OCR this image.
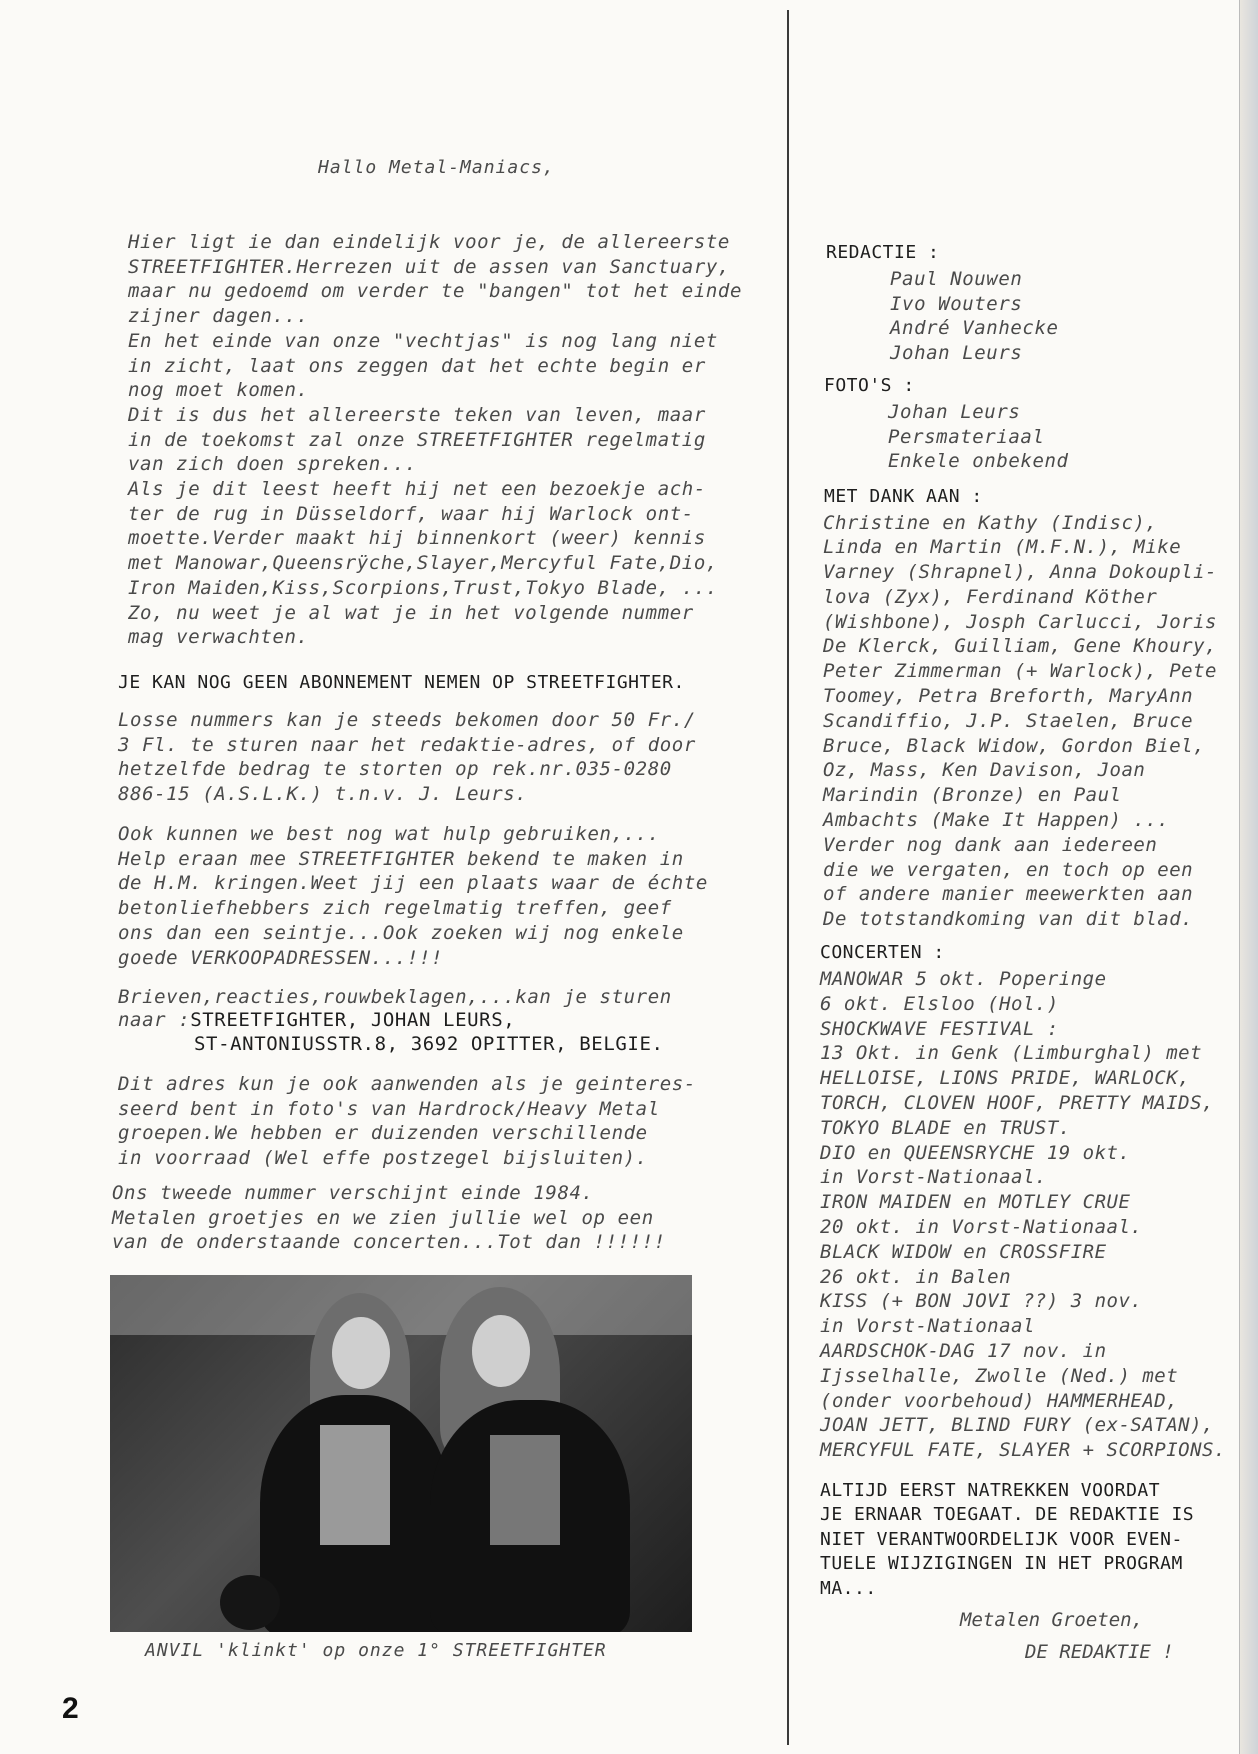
Hallo Metal-Maniacs,

Hier ligt ie dan eindelijk voor je, de allereerste
STREETFIGHTER.Herrezen uit de assen van Sanctuary,
maar nu gedoemd om verder te "bangen" tot het einde
zijner dagen...
En het einde van onze "vechtjas" is nog lang niet
in zicht, laat ons zeggen dat het echte begin er
nog moet komen.
Dit is dus het allereerste teken van leven, maar
in de toekomst zal onze STREETFIGHTER regelmatig
van zich doen spreken...
Als je dit leest heeft hij net een bezoekje ach-
ter de rug in Düsseldorf, waar hij Warlock ont-
moette.Verder maakt hij binnenkort (weer) kennis
met Manowar,Queensrÿche,Slayer,Mercyful Fate,Dio,
Iron Maiden,Kiss,Scorpions,Trust,Tokyo Blade, ...
Zo, nu weet je al wat je in het volgende nummer
mag verwachten.

JE KAN NOG GEEN ABONNEMENT NEMEN OP STREETFIGHTER.

Losse nummers kan je steeds bekomen door 50 Fr./
3 Fl. te sturen naar het redaktie-adres, of door
hetzelfde bedrag te storten op rek.nr.035-0280
886-15 (A.S.L.K.) t.n.v. J. Leurs.

Ook kunnen we best nog wat hulp gebruiken,...
Help eraan mee STREETFIGHTER bekend te maken in
de H.M. kringen.Weet jij een plaats waar de échte
betonliefhebbers zich regelmatig treffen, geef
ons dan een seintje...Ook zoeken wij nog enkele
goede VERKOOPADRESSEN...!!!

Brieven,reacties,rouwbeklagen,...kan je sturen
naar :STREETFIGHTER, JOHAN LEURS,
ST-ANTONIUSSTR.8, 3692 OPITTER, BELGIE.

Dit adres kun je ook aanwenden als je geinteres-
seerd bent in foto's van Hardrock/Heavy Metal
groepen.We hebben er duizenden verschillende
in voorraad (Wel effe postzegel bijsluiten).

Ons tweede nummer verschijnt einde 1984.
Metalen groetjes en we zien jullie wel op een
van de onderstaande concerten...Tot dan !!!!!!

ANVIL 'klinkt' op onze 1° STREETFIGHTER
2
REDACTIE :

Paul Nouwen
Ivo Wouters
André Vanhecke
Johan Leurs

FOTO'S :

Johan Leurs
Persmateriaal
Enkele onbekend

MET DANK AAN :

Christine en Kathy (Indisc),
Linda en Martin (M.F.N.), Mike
Varney (Shrapnel), Anna Dokoupli-
lova (Zyx), Ferdinand Köther
(Wishbone), Josph Carlucci, Joris
De Klerck, Guilliam, Gene Khoury,
Peter Zimmerman (+ Warlock), Pete
Toomey, Petra Breforth, MaryAnn
Scandiffio, J.P. Staelen, Bruce
Bruce, Black Widow, Gordon Biel,
Oz, Mass, Ken Davison, Joan
Marindin (Bronze) en Paul
Ambachts (Make It Happen) ...
Verder nog dank aan iedereen
die we vergaten, en toch op een
of andere manier meewerkten aan
De totstandkoming van dit blad.

CONCERTEN :

MANOWAR 5 okt. Poperinge
6 okt. Elsloo (Hol.)
SHOCKWAVE FESTIVAL :
13 Okt. in Genk (Limburghal) met
HELLOISE, LIONS PRIDE, WARLOCK,
TORCH, CLOVEN HOOF, PRETTY MAIDS,
TOKYO BLADE en TRUST.
DIO en QUEENSRYCHE 19 okt.
in Vorst-Nationaal.
IRON MAIDEN en MOTLEY CRUE
20 okt. in Vorst-Nationaal.
BLACK WIDOW en CROSSFIRE
26 okt. in Balen
KISS (+ BON JOVI ??) 3 nov.
in Vorst-Nationaal
AARDSCHOK-DAG 17 nov. in
Ijsselhalle, Zwolle (Ned.) met
(onder voorbehoud) HAMMERHEAD,
JOAN JETT, BLIND FURY (ex-SATAN),
MERCYFUL FATE, SLAYER + SCORPIONS.

ALTIJD EERST NATREKKEN VOORDAT
JE ERNAAR TOEGAAT. DE REDAKTIE IS
NIET VERANTWOORDELIJK VOOR EVEN-
TUELE WIJZIGINGEN IN HET PROGRAM
MA...

Metalen Groeten,
DE REDAKTIE !
